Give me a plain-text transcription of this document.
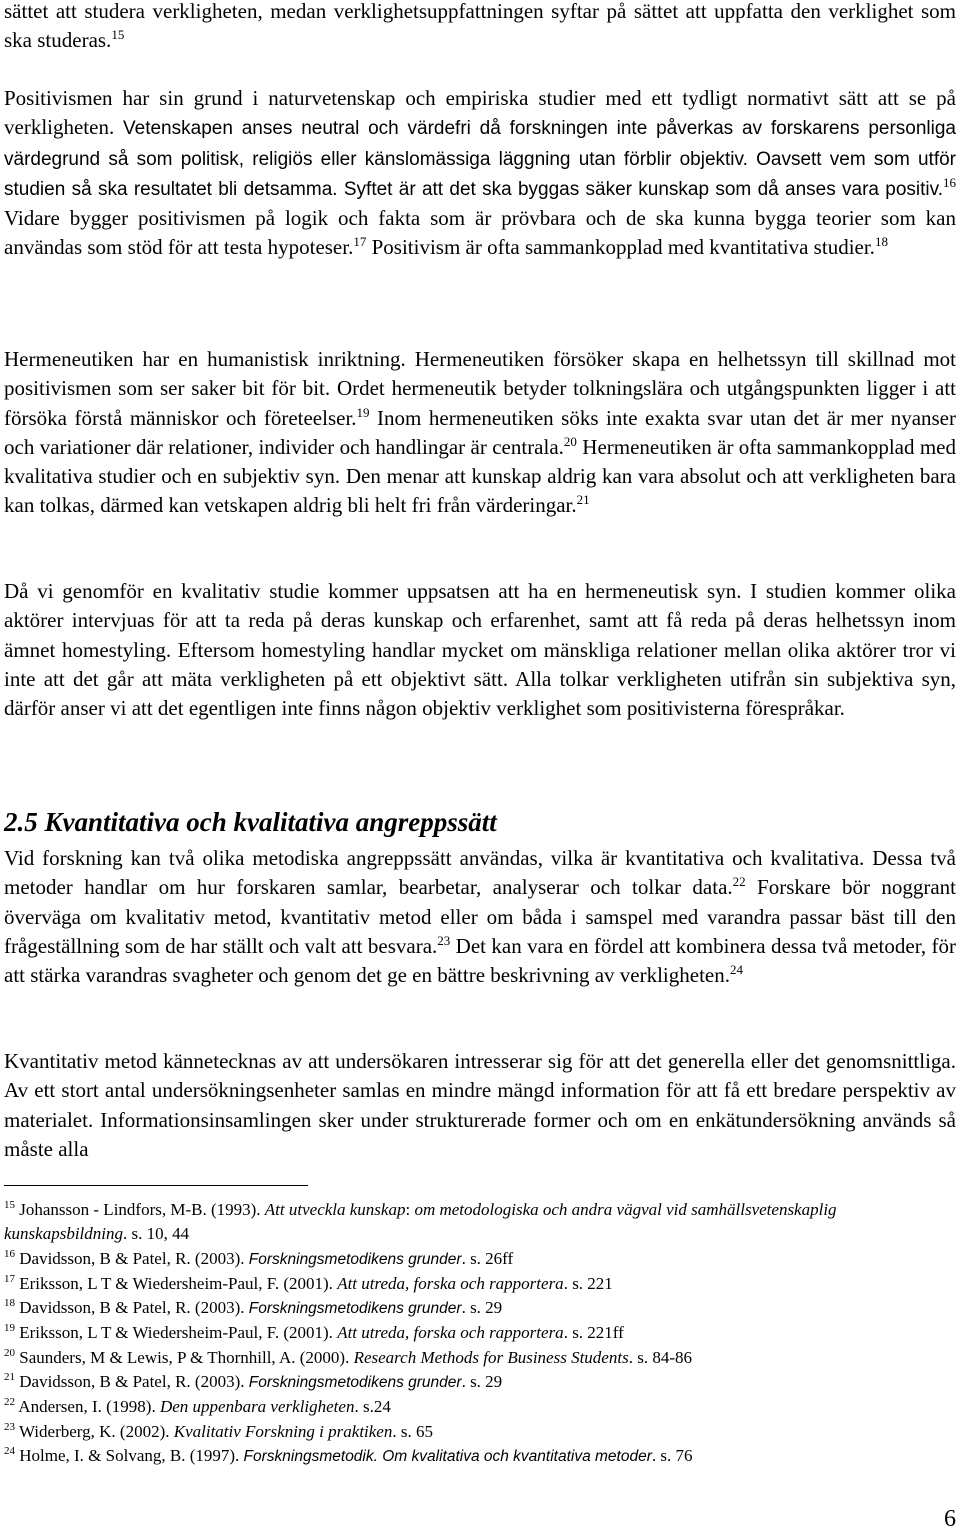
sättet att studera verkligheten, medan verklighetsuppfattningen syftar på sättet att uppfatta den verklighet som ska studeras.$^{15}$

Positivismen har sin grund i naturvetenskap och empiriska studier med ett tydligt normativt sätt att se på verkligheten. Vetenskapen anses neutral och värdefri då forskningen inte påverkas av forskarens personliga värdegrund så som politisk, religiös eller känslomässiga läggning utan förblir objektiv. Oavsett vem som utför studien så ska resultatet bli detsamma. Syftet är att det ska byggas säker kunskap som då anses vara positiv.$^{16}$ Vidare bygger positivismen på logik och fakta som är prövbara och de ska kunna bygga teorier som kan användas som stöd för att testa hypoteser.$^{17}$ Positivism är ofta sammankopplad med kvantitativa studier.$^{18}$

Hermeneutiken har en humanistisk inriktning. Hermeneutiken försöker skapa en helhetssyn till skillnad mot positivismen som ser saker bit för bit. Ordet hermeneutik betyder tolkningslära och utgångspunkten ligger i att försöka förstå människor och företeelser.$^{19}$ Inom hermeneutiken söks inte exakta svar utan det är mer nyanser och variationer där relationer, individer och handlingar är centrala.$^{20}$ Hermeneutiken är ofta sammankopplad med kvalitativa studier och en subjektiv syn. Den menar att kunskap aldrig kan vara absolut och att verkligheten bara kan tolkas, därmed kan vetskapen aldrig bli helt fri från värderingar.$^{21}$

Då vi genomför en kvalitativ studie kommer uppsatsen att ha en hermeneutisk syn. I studien kommer olika aktörer intervjuas för att ta reda på deras kunskap och erfarenhet, samt att få reda på deras helhetssyn inom ämnet homestyling. Eftersom homestyling handlar mycket om mänskliga relationer mellan olika aktörer tror vi inte att det går att mäta verkligheten på ett objektivt sätt. Alla tolkar verkligheten utifrån sin subjektiva syn, därför anser vi att det egentligen inte finns någon objektiv verklighet som positivisterna förespråkar.

2.5 Kvantitativa och kvalitativa angreppssätt

Vid forskning kan två olika metodiska angreppssätt användas, vilka är kvantitativa och kvalitativa. Dessa två metoder handlar om hur forskaren samlar, bearbetar, analyserar och tolkar data.$^{22}$ Forskare bör noggrant överväga om kvalitativ metod, kvantitativ metod eller om båda i samspel med varandra passar bäst till den frågeställning som de har ställt och valt att besvara.$^{23}$ Det kan vara en fördel att kombinera dessa två metoder, för att stärka varandras svagheter och genom det ge en bättre beskrivning av verkligheten.$^{24}$

Kvantitativ metod kännetecknas av att undersökaren intresserar sig för att det generella eller det genomsnittliga. Av ett stort antal undersökningsenheter samlas en mindre mängd information för att få ett bredare perspektiv av materialet. Informationsinsamlingen sker under strukturerade former och om en enkätundersökning används så måste alla

$^{15}$ Johansson - Lindfors, M-B. (1993). Att utveckla kunskap: om metodologiska och andra vägval vid samhällsvetenskaplig kunskapsbildning. s. 10, 44
$^{16}$ Davidsson, B & Patel, R. (2003). Forskningsmetodikens grunder. s. 26ff
$^{17}$ Eriksson, L T & Wiedersheim-Paul, F. (2001). Att utreda, forska och rapportera. s. 221
$^{18}$ Davidsson, B & Patel, R. (2003). Forskningsmetodikens grunder. s. 29
$^{19}$ Eriksson, L T & Wiedersheim-Paul, F. (2001). Att utreda, forska och rapportera. s. 221ff
$^{20}$ Saunders, M & Lewis, P & Thornhill, A. (2000). Research Methods for Business Students. s. 84-86
$^{21}$ Davidsson, B & Patel, R. (2003). Forskningsmetodikens grunder. s. 29
$^{22}$ Andersen, I. (1998). Den uppenbara verkligheten. s.24
$^{23}$ Widerberg, K. (2002). Kvalitativ Forskning i praktiken. s. 65
$^{24}$ Holme, I. & Solvang, B. (1997). Forskningsmetodik. Om kvalitativa och kvantitativa metoder. s. 76
6
